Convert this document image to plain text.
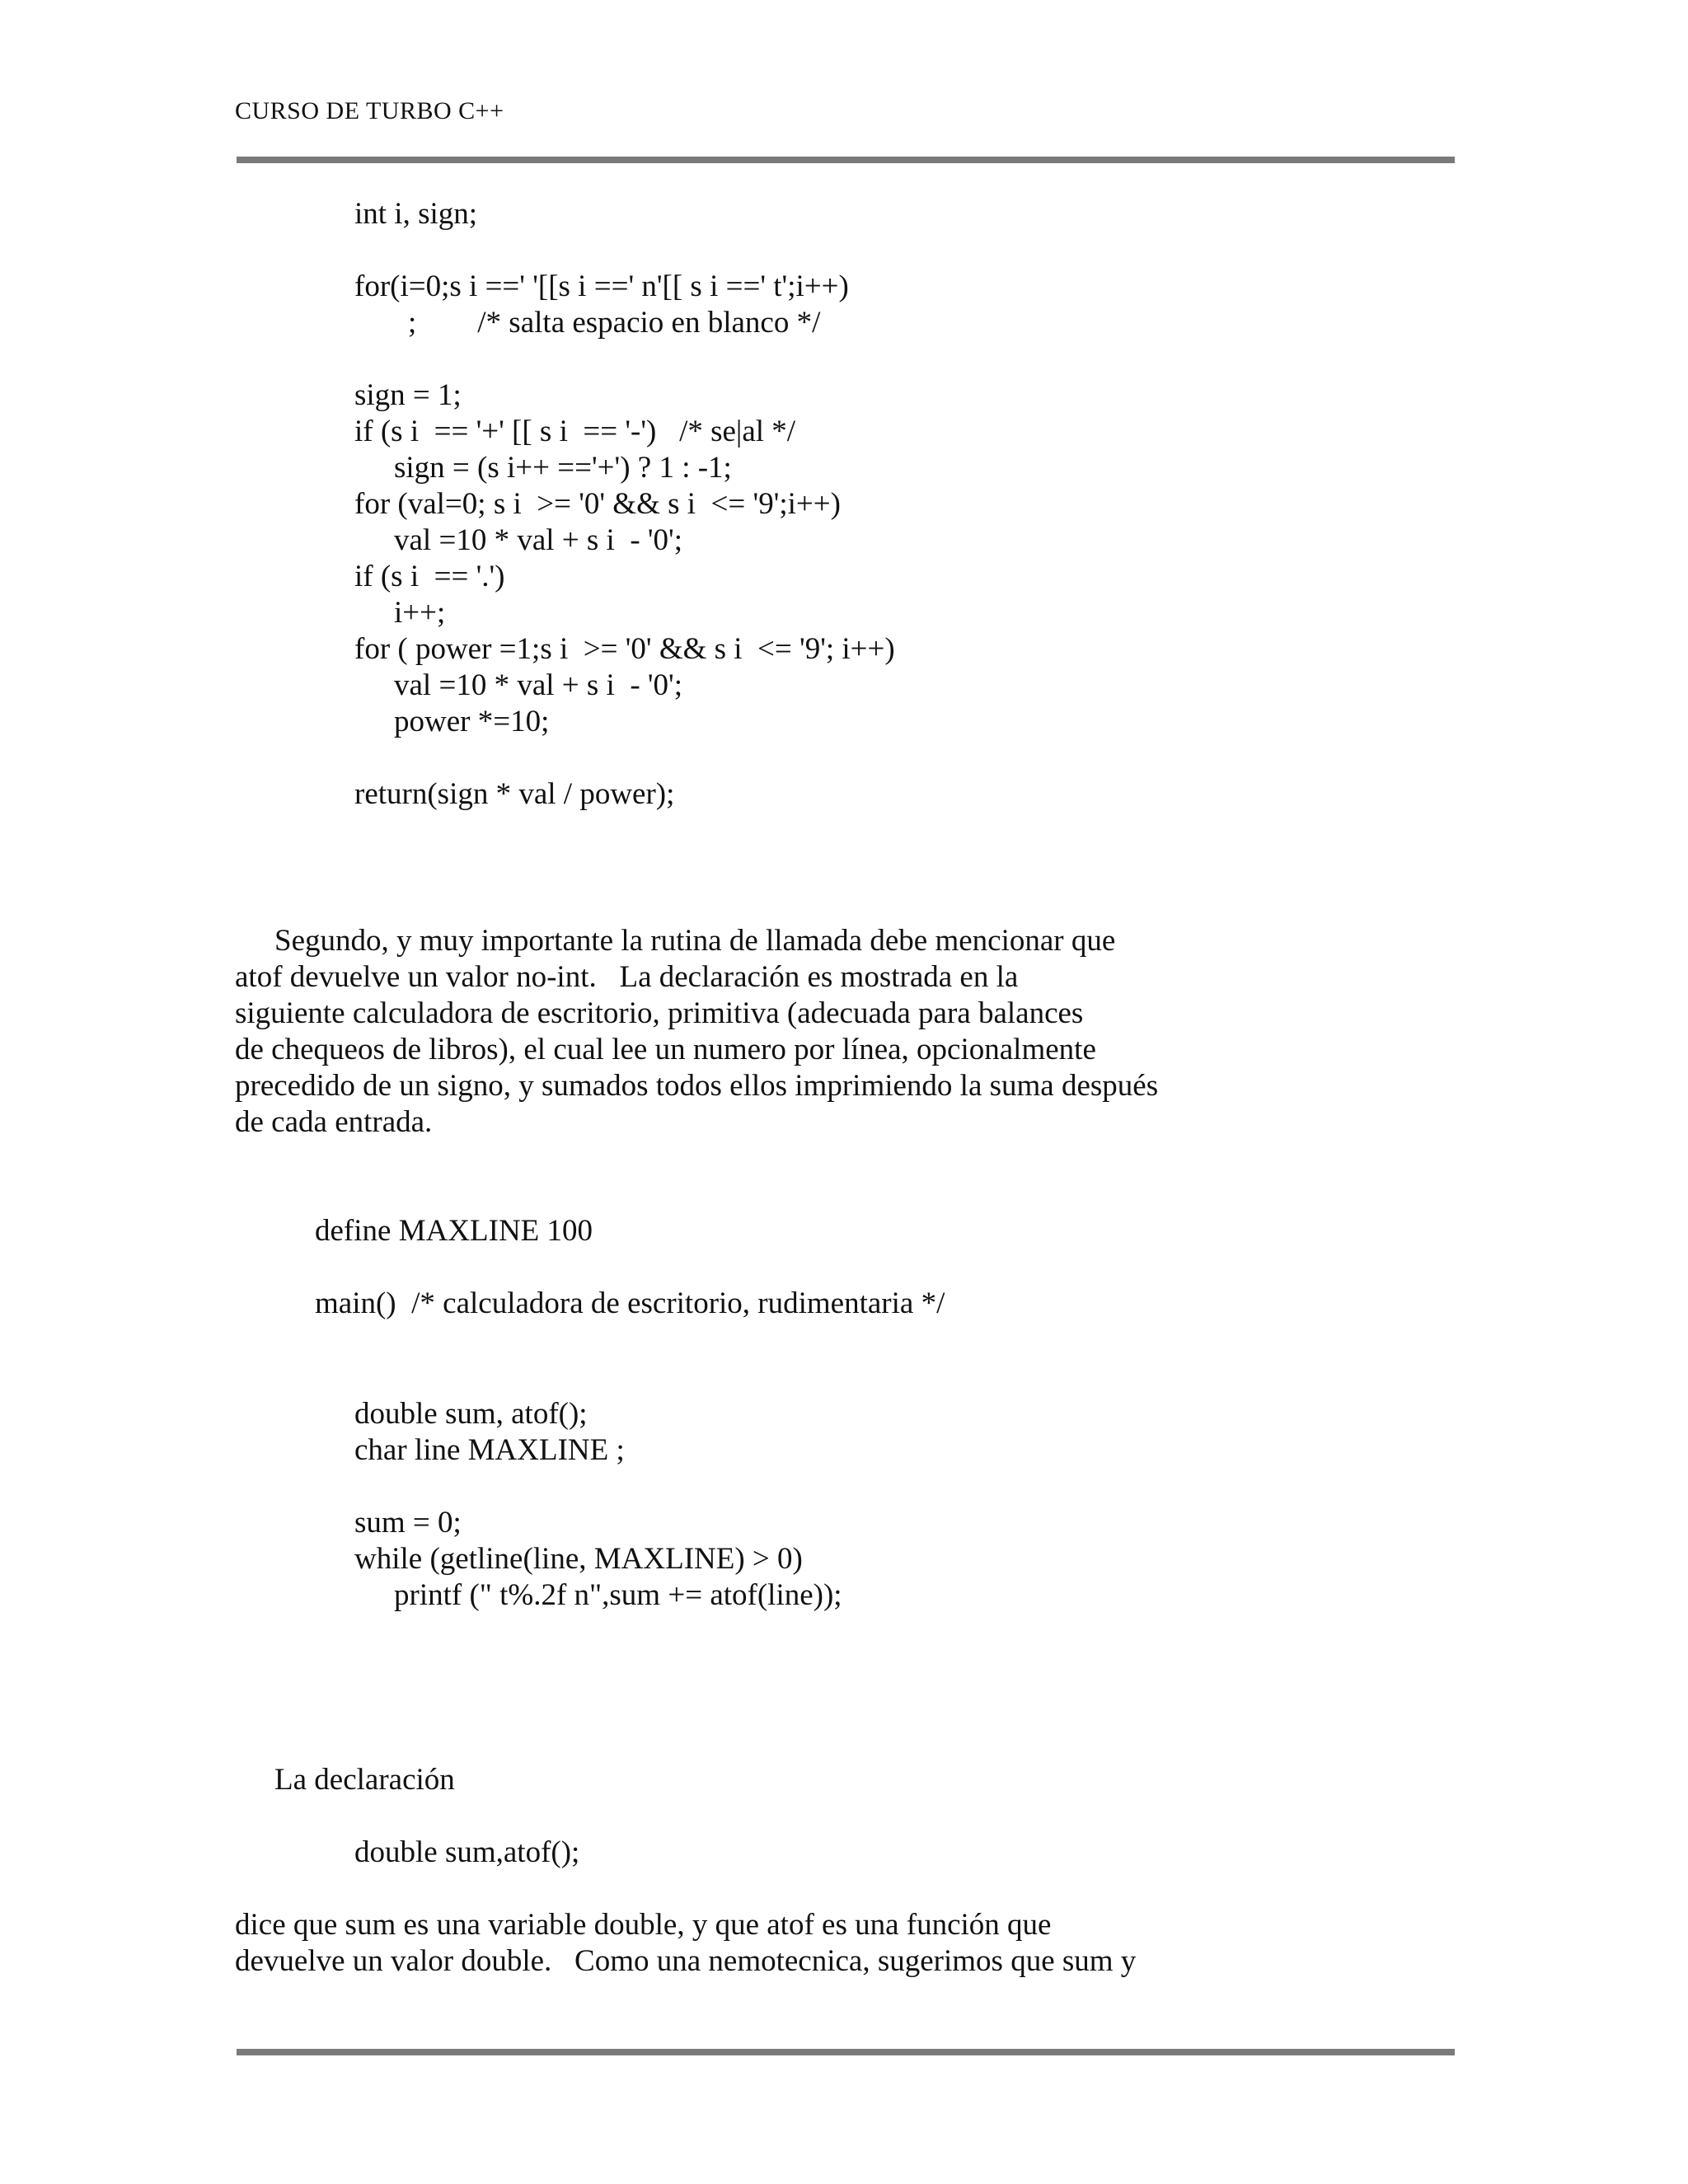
CURSO DE TURBO C++
int i, sign;
for(i=0;s i ==' '[[s i ==' n'[[ s i ==' t';i++)
;        /* salta espacio en blanco */
sign = 1;
if (s i  == '+' [[ s i  == '-')   /* se|al */
sign = (s i++ =='+') ? 1 : -1;
for (val=0; s i  >= '0' && s i  <= '9';i++)
val =10 * val + s i  - '0';
if (s i  == '.')
i++;
for ( power =1;s i  >= '0' && s i  <= '9'; i++)
val =10 * val + s i  - '0';
power *=10;
return(sign * val / power);
Segundo, y muy importante la rutina de llamada debe mencionar que
atof devuelve un valor no-int.   La declaración es mostrada en la
siguiente calculadora de escritorio, primitiva (adecuada para balances
de chequeos de libros), el cual lee un numero por línea, opcionalmente
precedido de un signo, y sumados todos ellos imprimiendo la suma después
de cada entrada.
define MAXLINE 100
main()  /* calculadora de escritorio, rudimentaria */
double sum, atof();
char line MAXLINE ;
sum = 0;
while (getline(line, MAXLINE) > 0)
printf (" t%.2f n",sum += atof(line));
La declaración
double sum,atof();
dice que sum es una variable double, y que atof es una función que
devuelve un valor double.   Como una nemotecnica, sugerimos que sum y
